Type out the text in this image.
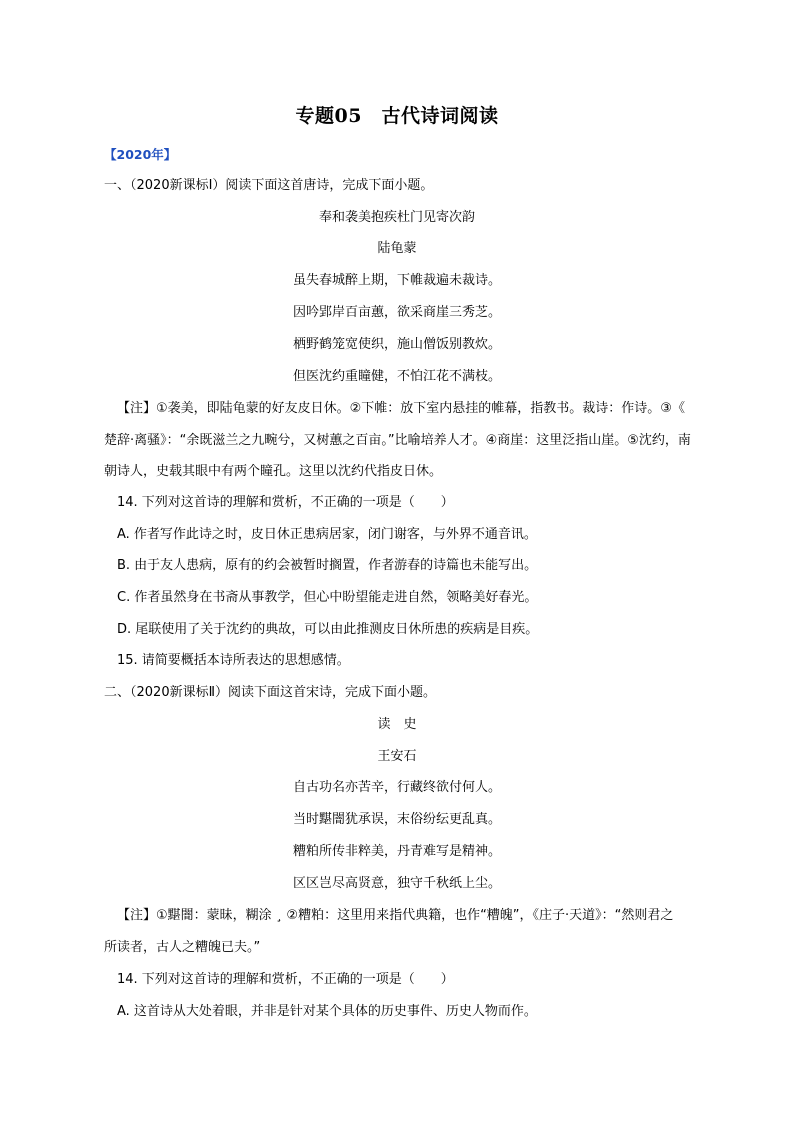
专题05　古代诗词阅读
【2020年】
一、（2020新课标Ⅰ）阅读下面这首唐诗，完成下面小题。
奉和袭美抱疾杜门见寄次韵
陆龟蒙
虽失春城醉上期，下帷裁遍未裁诗。
因吟郢岸百亩蕙，欲采商崖三秀芝。
栖野鹤笼宽使织，施山僧饭别教炊。
但医沈约重瞳健，不怕江花不满枝。
【注】①袭美，即陆龟蒙的好友皮日休。②下帷：放下室内悬挂的帷幕，指教书。裁诗：作诗。③《
楚辞·离骚》：“余既滋兰之九畹兮，又树蕙之百亩。”比喻培养人才。④商崖：这里泛指山崖。⑤沈约，南
朝诗人，史载其眼中有两个瞳孔。这里以沈约代指皮日休。
14. 下列对这首诗的理解和赏析，不正确的一项是（　　）
A. 作者写作此诗之时，皮日休正患病居家，闭门谢客，与外界不通音讯。
B. 由于友人患病，原有的约会被暂时搁置，作者游春的诗篇也未能写出。
C. 作者虽然身在书斋从事教学，但心中盼望能走进自然，领略美好春光。
D. 尾联使用了关于沈约的典故，可以由此推测皮日休所患的疾病是目疾。
15. 请简要概括本诗所表达的思想感情。
二、（2020新课标Ⅱ）阅读下面这首宋诗，完成下面小题。
读　史
王安石
自古功名亦苦辛，行藏终欲付何人。
当时黮闇犹承误，末俗纷纭更乱真。
糟粕所传非粹美，丹青难写是精神。
区区岂尽高贤意，独守千秋纸上尘。
【注】①黮闇：蒙昧，糊涂 ¸ ②糟粕：这里用来指代典籍，也作“糟魄”，《庄子·天道》：“然则君之
所读者，古人之糟魄已夫。”
14. 下列对这首诗的理解和赏析，不正确的一项是（　　）
A. 这首诗从大处着眼，并非是针对某个具体的历史事件、历史人物而作。
